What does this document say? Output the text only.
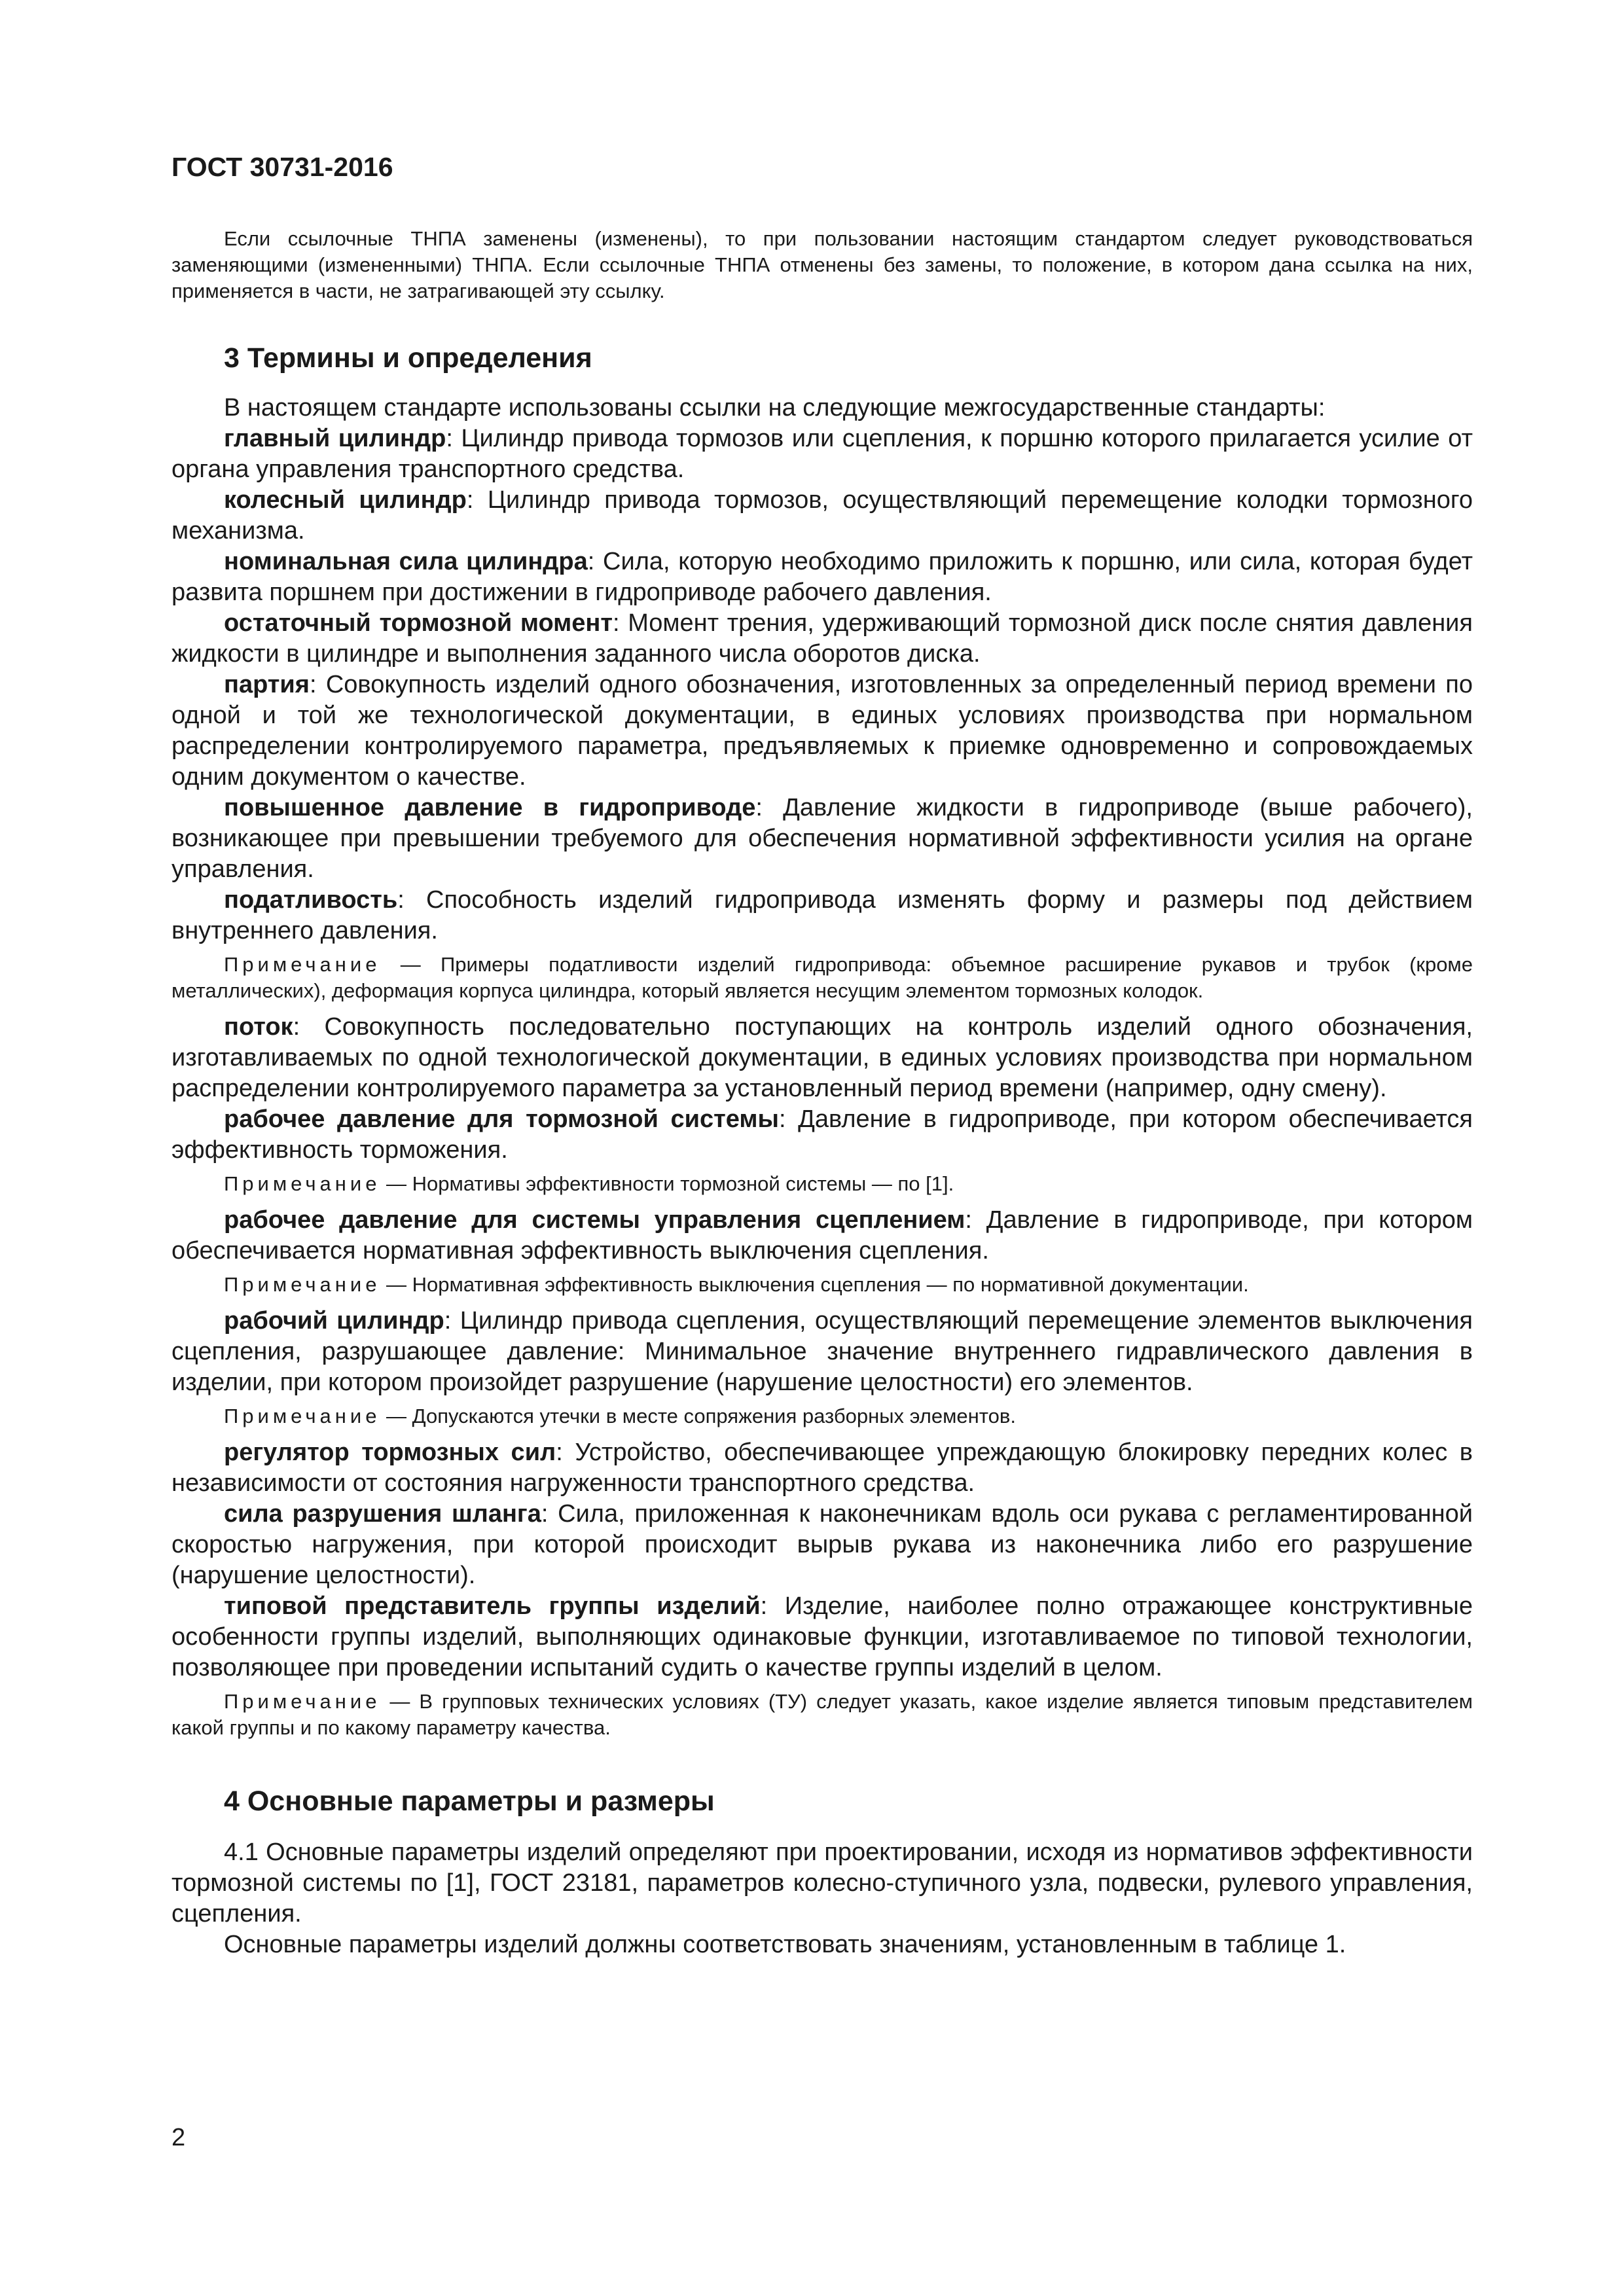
ГОСТ 30731-2016

Если ссылочные ТНПА заменены (изменены), то при пользовании настоящим стандартом следует руководствоваться заменяющими (измененными) ТНПА. Если ссылочные ТНПА отменены без замены, то положение, в котором дана ссылка на них, применяется в части, не затрагивающей эту ссылку.

3 Термины и определения

В настоящем стандарте использованы ссылки на следующие межгосударственные стандарты:

главный цилиндр: Цилиндр привода тормозов или сцепления, к поршню которого прилагается усилие от органа управления транспортного средства.

колесный цилиндр: Цилиндр привода тормозов, осуществляющий перемещение колодки тормозного механизма.

номинальная сила цилиндра: Сила, которую необходимо приложить к поршню, или сила, которая будет развита поршнем при достижении в гидроприводе рабочего давления.

остаточный тормозной момент: Момент трения, удерживающий тормозной диск после снятия давления жидкости в цилиндре и выполнения заданного числа оборотов диска.

партия: Совокупность изделий одного обозначения, изготовленных за определенный период времени по одной и той же технологической документации, в единых условиях производства при нормальном распределении контролируемого параметра, предъявляемых к приемке одновременно и сопровождаемых одним документом о качестве.

повышенное давление в гидроприводе: Давление жидкости в гидроприводе (выше рабочего), возникающее при превышении требуемого для обеспечения нормативной эффективности усилия на органе управления.

податливость: Способность изделий гидропривода изменять форму и размеры под действием внутреннего давления.

Примечание — Примеры податливости изделий гидропривода: объемное расширение рукавов и трубок (кроме металлических), деформация корпуса цилиндра, который является несущим элементом тормозных колодок.

поток: Совокупность последовательно поступающих на контроль изделий одного обозначения, изготавливаемых по одной технологической документации, в единых условиях производства при нормальном распределении контролируемого параметра за установленный период времени (например, одну смену).

рабочее давление для тормозной системы: Давление в гидроприводе, при котором обеспечивается эффективность торможения.

Примечание — Нормативы эффективности тормозной системы — по [1].

рабочее давление для системы управления сцеплением: Давление в гидроприводе, при котором обеспечивается нормативная эффективность выключения сцепления.

Примечание — Нормативная эффективность выключения сцепления — по нормативной документации.

рабочий цилиндр: Цилиндр привода сцепления, осуществляющий перемещение элементов выключения сцепления, разрушающее давление: Минимальное значение внутреннего гидравлического давления в изделии, при котором произойдет разрушение (нарушение целостности) его элементов.

Примечание — Допускаются утечки в месте сопряжения разборных элементов.

регулятор тормозных сил: Устройство, обеспечивающее упреждающую блокировку передних колес в независимости от состояния нагруженности транспортного средства.

сила разрушения шланга: Сила, приложенная к наконечникам вдоль оси рукава с регламентированной скоростью нагружения, при которой происходит вырыв рукава из наконечника либо его разрушение (нарушение целостности).

типовой представитель группы изделий: Изделие, наиболее полно отражающее конструктивные особенности группы изделий, выполняющих одинаковые функции, изготавливаемое по типовой технологии, позволяющее при проведении испытаний судить о качестве группы изделий в целом.

Примечание — В групповых технических условиях (ТУ) следует указать, какое изделие является типовым представителем какой группы и по какому параметру качества.

4 Основные параметры и размеры

4.1 Основные параметры изделий определяют при проектировании, исходя из нормативов эффективности тормозной системы по [1], ГОСТ 23181, параметров колесно-ступичного узла, подвески, рулевого управления, сцепления.

Основные параметры изделий должны соответствовать значениям, установленным в таблице 1.

2
